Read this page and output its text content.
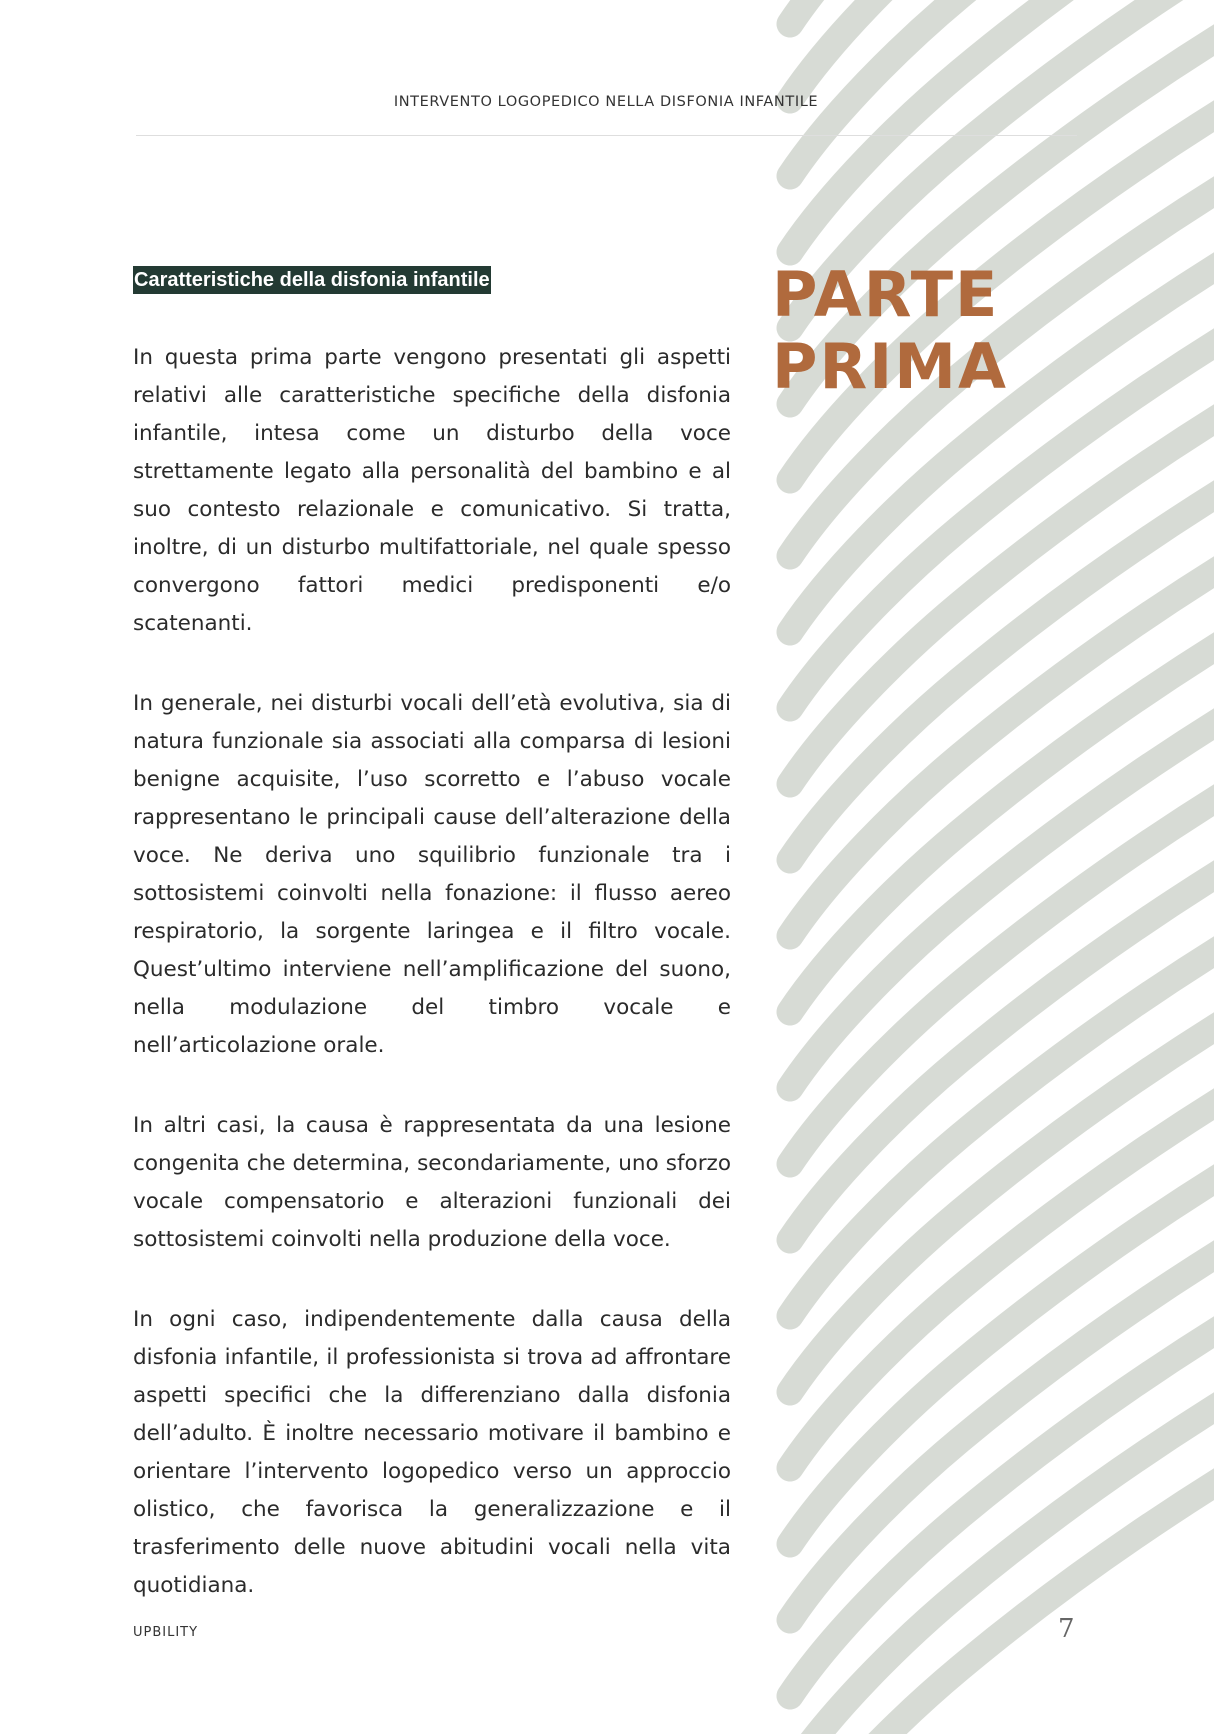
INTERVENTO LOGOPEDICO NELLA DISFONIA INFANTILE
Caratteristiche della disfonia infantile	PARTE
PRIMA

In questa prima parte vengono presentati gli aspetti relativi alle caratteristiche specifiche della disfonia infantile, intesa come un disturbo della voce strettamente legato alla personalità del bambino e al suo contesto relazionale e comunicativo. Si tratta, inoltre, di un disturbo multifattoriale, nel quale spesso convergono fattori medici predisponenti e/o scatenanti.

In generale, nei disturbi vocali dell’età evolutiva, sia di natura funzionale sia associati alla comparsa di lesioni benigne acquisite, l’uso scorretto e l’abuso vocale rappresentano le principali cause dell’alterazione della voce. Ne deriva uno squilibrio funzionale tra i sottosistemi coinvolti nella fonazione: il flusso aereo respiratorio, la sorgente laringea e il filtro vocale. Quest’ultimo interviene nell’amplificazione del suono, nella modulazione del timbro vocale e nell’articolazione orale.

In altri casi, la causa è rappresentata da una lesione congenita che determina, secondariamente, uno sforzo vocale compensatorio e alterazioni funzionali dei sottosistemi coinvolti nella produzione della voce.

In ogni caso, indipendentemente dalla causa della disfonia infantile, il professionista si trova ad affrontare aspetti specifici che la differenziano dalla disfonia dell’adulto. È inoltre necessario motivare il bambino e orientare l’intervento logopedico verso un approccio olistico, che favorisca la generalizzazione e il trasferimento delle nuove abitudini vocali nella vita quotidiana.

UPBILITY	7
